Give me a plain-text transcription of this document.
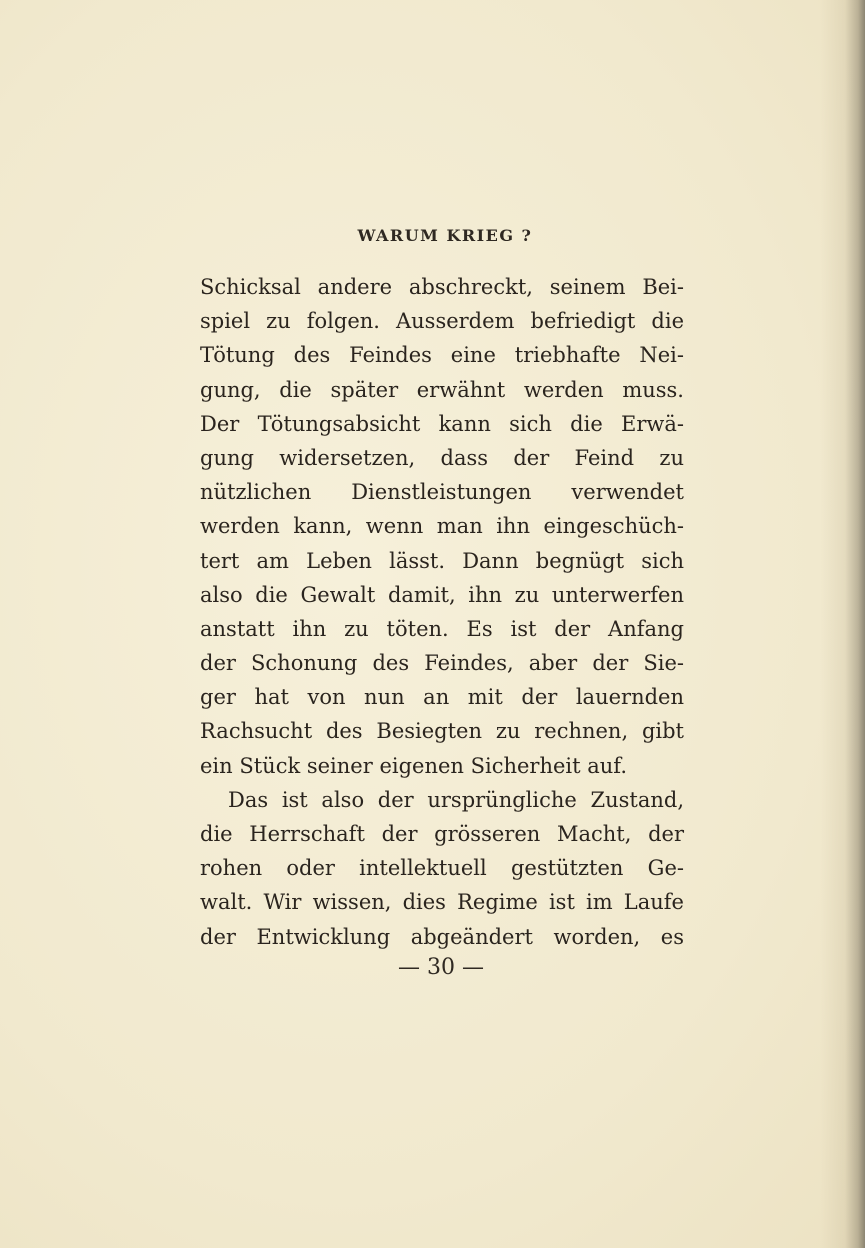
WARUM KRIEG ?
Schicksal andere abschreckt, seinem Bei-
spiel zu folgen. Ausserdem befriedigt die
Tötung des Feindes eine triebhafte Nei-
gung, die später erwähnt werden muss.
Der Tötungsabsicht kann sich die Erwä-
gung widersetzen, dass der Feind zu
nützlichen Dienstleistungen verwendet
werden kann, wenn man ihn eingeschüch-
tert am Leben lässt. Dann begnügt sich
also die Gewalt damit, ihn zu unterwerfen
anstatt ihn zu töten. Es ist der Anfang
der Schonung des Feindes, aber der Sie-
ger hat von nun an mit der lauernden
Rachsucht des Besiegten zu rechnen, gibt
ein Stück seiner eigenen Sicherheit auf.
Das ist also der ursprüngliche Zustand,
die Herrschaft der grösseren Macht, der
rohen oder intellektuell gestützten Ge-
walt. Wir wissen, dies Regime ist im Laufe
der Entwicklung abgeändert worden, es
— 30 —
